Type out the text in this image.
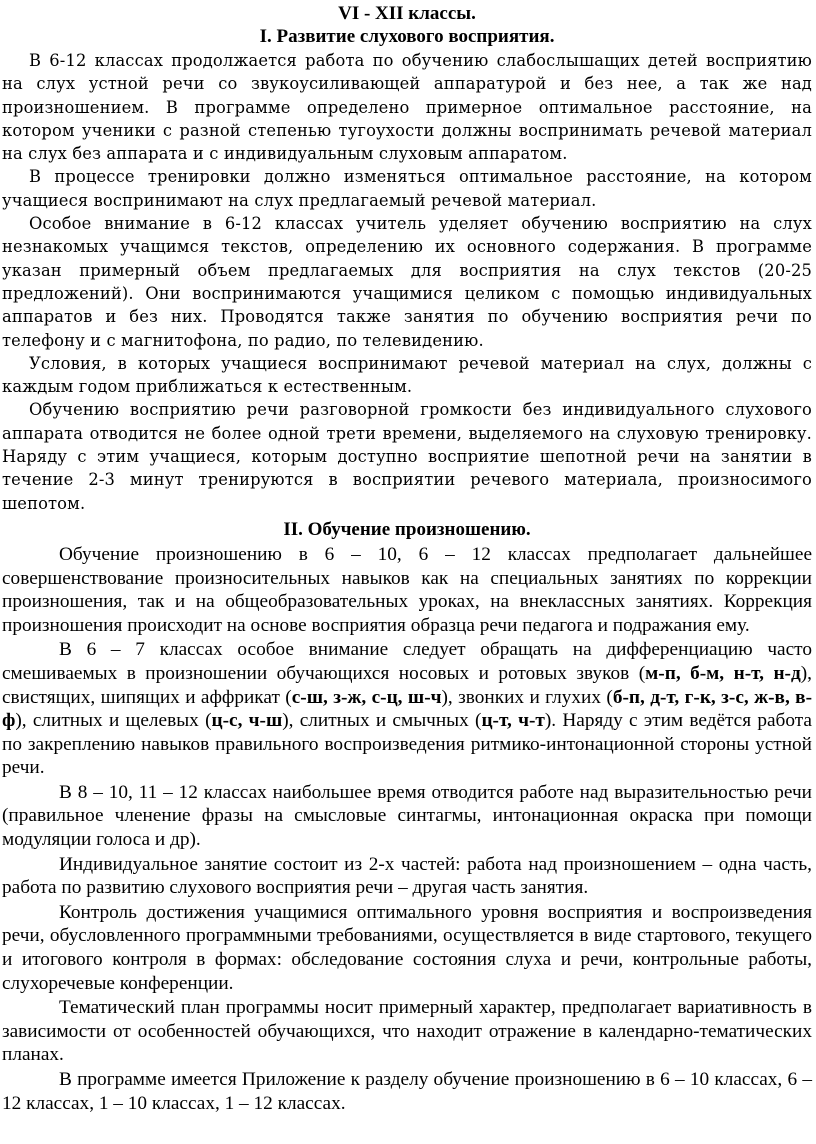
VI - XII классы.
I. Развитие слухового восприятия.

В 6-12 классах продолжается работа по обучению слабослышащих детей восприятию на слух устной речи со звукоусиливающей аппаратурой и без нее, а так же над произношением. В программе определено примерное оптимальное расстояние, на котором ученики с разной степенью тугоухости должны воспринимать речевой материал на слух без аппарата и с индивидуальным слуховым аппаратом.

В процессе тренировки должно изменяться оптимальное расстояние, на котором учащиеся воспринимают на слух предлагаемый речевой материал.

Особое внимание в 6-12 классах учитель уделяет обучению восприятию на слух незнакомых учащимся текстов, определению их основного содержания. В программе указан примерный объем предлагаемых для восприятия на слух текстов (20-25 предложений). Они воспринимаются учащимися целиком с помощью индивидуальных аппаратов и без них. Проводятся также занятия по обучению восприятия речи по телефону и с магнитофона, по радио, по телевидению.

Условия, в которых учащиеся воспринимают речевой материал на слух, должны с каждым годом приближаться к естественным.

Обучению восприятию речи разговорной громкости без индивидуального слухового аппарата отводится не более одной трети времени, выделяемого на слуховую тренировку. Наряду с этим учащиеся, которым доступно восприятие шепотной речи на занятии в течение 2-3 минут тренируются в восприятии речевого материала, произносимого шепотом.

II. Обучение произношению.

Обучение произношению в 6 – 10, 6 – 12 классах предполагает дальнейшее совершенствование произносительных навыков как на специальных занятиях по коррекции произношения, так и на общеобразовательных уроках, на внеклассных занятиях. Коррекция произношения происходит на основе восприятия образца речи педагога и подражания ему.

В 6 – 7 классах особое внимание следует обращать на дифференциацию часто смешиваемых в произношении обучающихся носовых и ротовых звуков (м-п, б-м, н-т, н-д), свистящих, шипящих и аффрикат (с-ш, з-ж, с-ц, ш-ч), звонких и глухих (б-п, д-т, г-к, з-с, ж-в, в-ф), слитных и щелевых (ц-с, ч-ш), слитных и смычных (ц-т, ч-т). Наряду с этим ведётся работа по закреплению навыков правильного воспроизведения ритмико-интонационной стороны устной речи.

В 8 – 10, 11 – 12 классах наибольшее время отводится работе над выразительностью речи (правильное членение фразы на смысловые синтагмы, интонационная окраска при помощи модуляции голоса и др).

Индивидуальное занятие состоит из 2-х частей: работа над произношением – одна часть, работа по развитию слухового восприятия речи – другая часть занятия.

Контроль достижения учащимися оптимального уровня восприятия и воспроизведения речи, обусловленного программными требованиями, осуществляется в виде стартового, текущего и итогового контроля в формах: обследование состояния слуха и речи, контрольные работы, слухоречевые конференции.

Тематический план программы носит примерный характер, предполагает вариативность в зависимости от особенностей обучающихся, что находит отражение в календарно-тематических планах.

В программе имеется Приложение к разделу обучение произношению в 6 – 10 классах, 6 – 12 классах, 1 – 10 классах, 1 – 12 классах.
